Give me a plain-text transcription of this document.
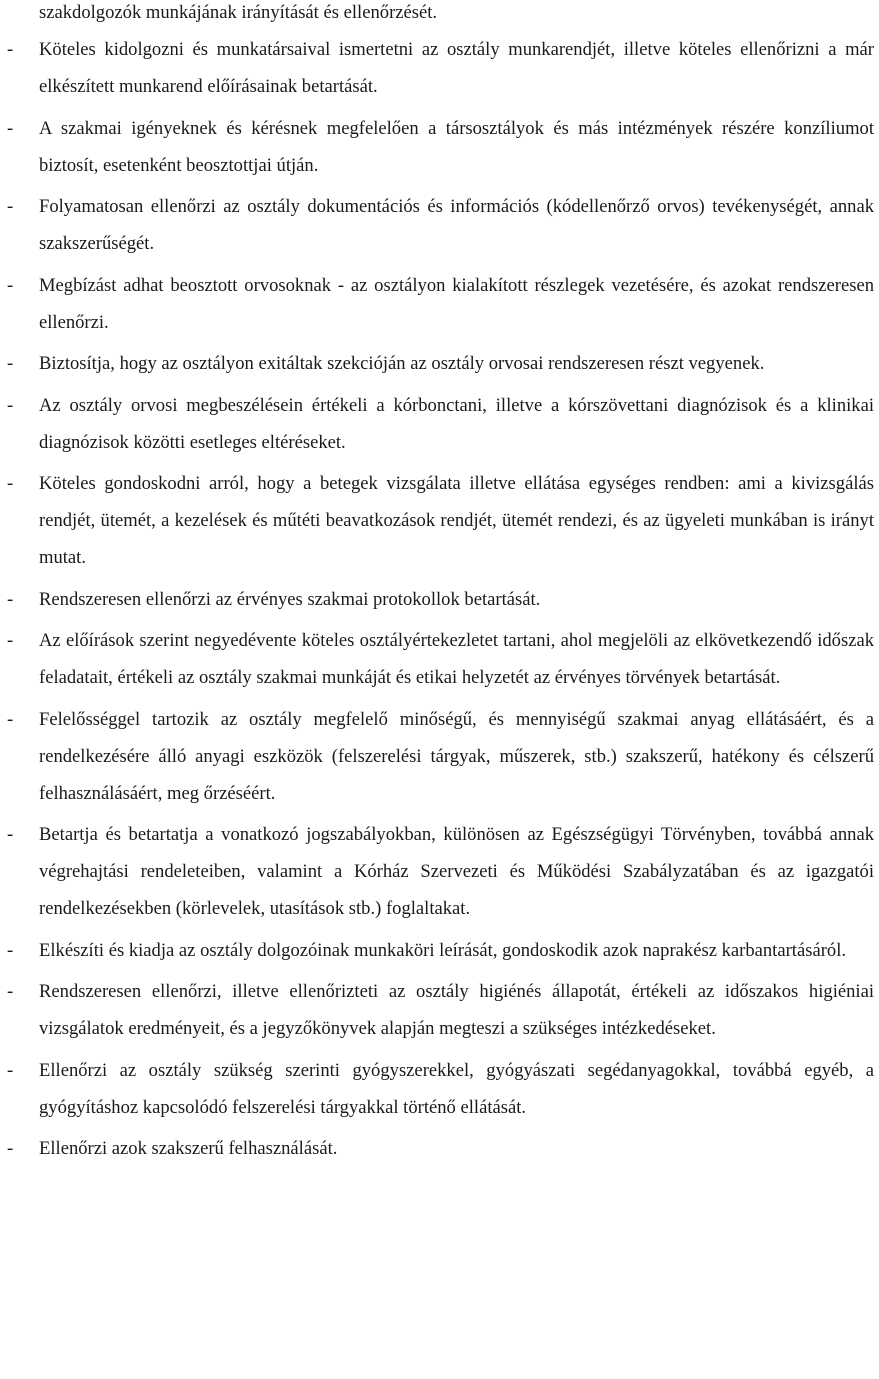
szakdolgozók munkájának irányítását és ellenőrzését.
- Köteles kidolgozni és munkatársaival ismertetni az osztály munkarendjét, illetve köteles ellenőrizni a már elkészített munkarend előírásainak betartását.
- A szakmai igényeknek és kérésnek megfelelően a társosztályok és más intézmények részére konzíliumot biztosít, esetenként beosztottjai útján.
- Folyamatosan ellenőrzi az osztály dokumentációs és információs (kódellenőrző orvos) tevékenységét, annak szakszerűségét.
- Megbízást adhat beosztott orvosoknak - az osztályon kialakított részlegek vezetésére, és azokat rendszeresen ellenőrzi.
- Biztosítja, hogy az osztályon exitáltak szekcióján az osztály orvosai rendszeresen részt vegyenek.
- Az osztály orvosi megbeszélésein értékeli a kórbonctani, illetve a kórszövettani diagnózisok és a klinikai diagnózisok közötti esetleges eltéréseket.
- Köteles gondoskodni arról, hogy a betegek vizsgálata illetve ellátása egységes rendben: ami a kivizsgálás rendjét, ütemét, a kezelések és műtéti beavatkozások rendjét, ütemét rendezi, és az ügyeleti munkában is irányt mutat.
- Rendszeresen ellenőrzi az érvényes szakmai protokollok betartását.
- Az előírások szerint negyedévente köteles osztályértekezletet tartani, ahol megjelöli az elkövetkezendő időszak feladatait, értékeli az osztály szakmai munkáját és etikai helyzetét az érvényes törvények betartását.
- Felelősséggel tartozik az osztály megfelelő minőségű, és mennyiségű szakmai anyag ellátásáért, és a rendelkezésére álló anyagi eszközök (felszerelési tárgyak, műszerek, stb.) szakszerű, hatékony és célszerű felhasználásáért, meg őrzéséért.
- Betartja és betartatja a vonatkozó jogszabályokban, különösen az Egészségügyi Törvényben, továbbá annak végrehajtási rendeleteiben, valamint a Kórház Szervezeti és Működési Szabályzatában és az igazgatói rendelkezésekben (körlevelek, utasítások stb.) foglaltakat.
- Elkészíti és kiadja az osztály dolgozóinak munkaköri leírását, gondoskodik azok naprakész karbantartásáról.
- Rendszeresen ellenőrzi, illetve ellenőrizteti az osztály higiénés állapotát, értékeli az időszakos higiéniai vizsgálatok eredményeit, és a jegyzőkönyvek alapján megteszi a szükséges intézkedéseket.
- Ellenőrzi az osztály szükség szerinti gyógyszerekkel, gyógyászati segédanyagokkal, továbbá egyéb, a gyógyításhoz kapcsolódó felszerelési tárgyakkal történő ellátását.
- Ellenőrzi azok szakszerű felhasználását.
